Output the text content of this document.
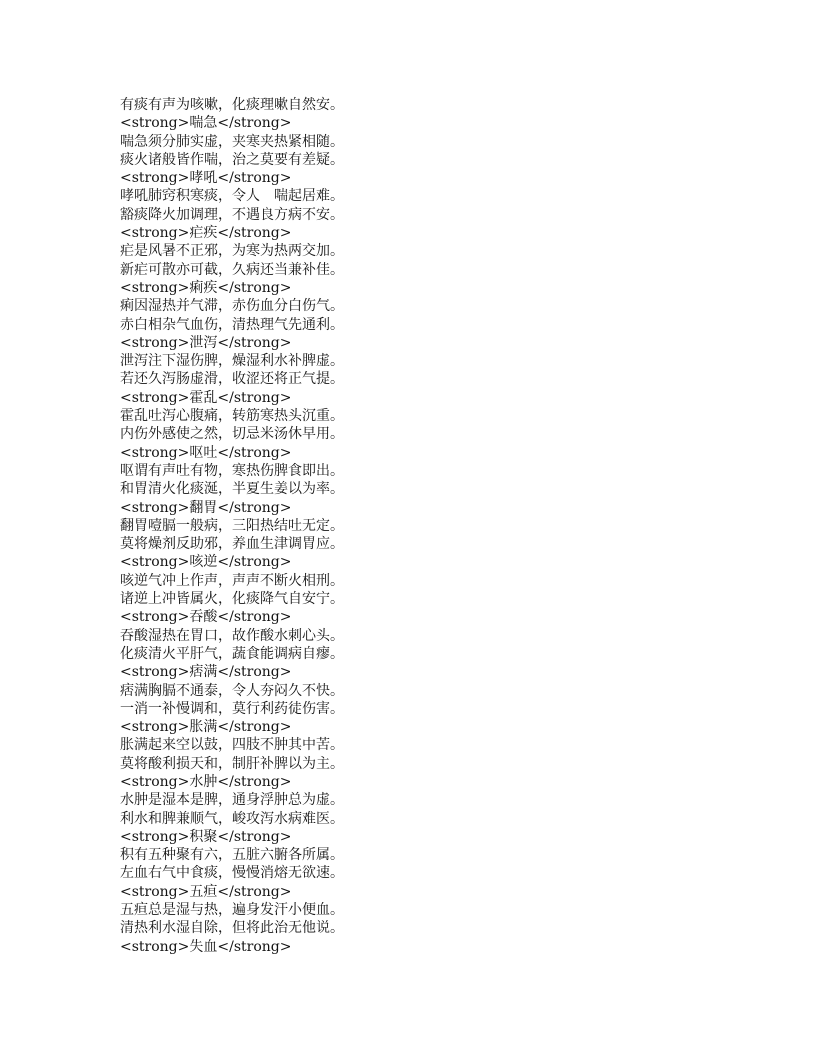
有痰有声为咳嗽，化痰理嗽自然安。
<strong>喘急</strong>
喘急须分肺实虚，夹寒夹热紧相随。
痰火诸般皆作喘，治之莫要有差疑。
<strong>哮吼</strong>
哮吼肺窍积寒痰，令人　喘起居难。
豁痰降火加调理，不遇良方病不安。
<strong>疟疾</strong>
疟是风暑不正邪，为寒为热两交加。
新疟可散亦可截，久病还当兼补佳。
<strong>痢疾</strong>
痢因湿热并气滞，赤伤血分白伤气。
赤白相杂气血伤，清热理气先通利。
<strong>泄泻</strong>
泄泻注下湿伤脾，燥湿利水补脾虚。
若还久泻肠虚滑，收涩还将正气提。
<strong>霍乱</strong>
霍乱吐泻心腹痛，转筋寒热头沉重。
内伤外感使之然，切忌米汤休早用。
<strong>呕吐</strong>
呕谓有声吐有物，寒热伤脾食即出。
和胃清火化痰涎，半夏生姜以为率。
<strong>翻胃</strong>
翻胃噎膈一般病，三阳热结吐无定。
莫将燥剂反助邪，养血生津调胃应。
<strong>咳逆</strong>
咳逆气冲上作声，声声不断火相刑。
诸逆上冲皆属火，化痰降气自安宁。
<strong>吞酸</strong>
吞酸湿热在胃口，故作酸水刺心头。
化痰清火平肝气，蔬食能调病自瘳。
<strong>痞满</strong>
痞满胸膈不通泰，令人夯闷久不快。
一消一补慢调和，莫行利药徒伤害。
<strong>胀满</strong>
胀满起来空以鼓，四肢不肿其中苦。
莫将酸利损天和，制肝补脾以为主。
<strong>水肿</strong>
水肿是湿本是脾，通身浮肿总为虚。
利水和脾兼顺气，峻攻泻水病难医。
<strong>积聚</strong>
积有五种聚有六，五脏六腑各所属。
左血右气中食痰，慢慢消熔无欲速。
<strong>五疸</strong>
五疸总是湿与热，遍身发汗小便血。
清热利水湿自除，但将此治无他说。
<strong>失血</strong>
